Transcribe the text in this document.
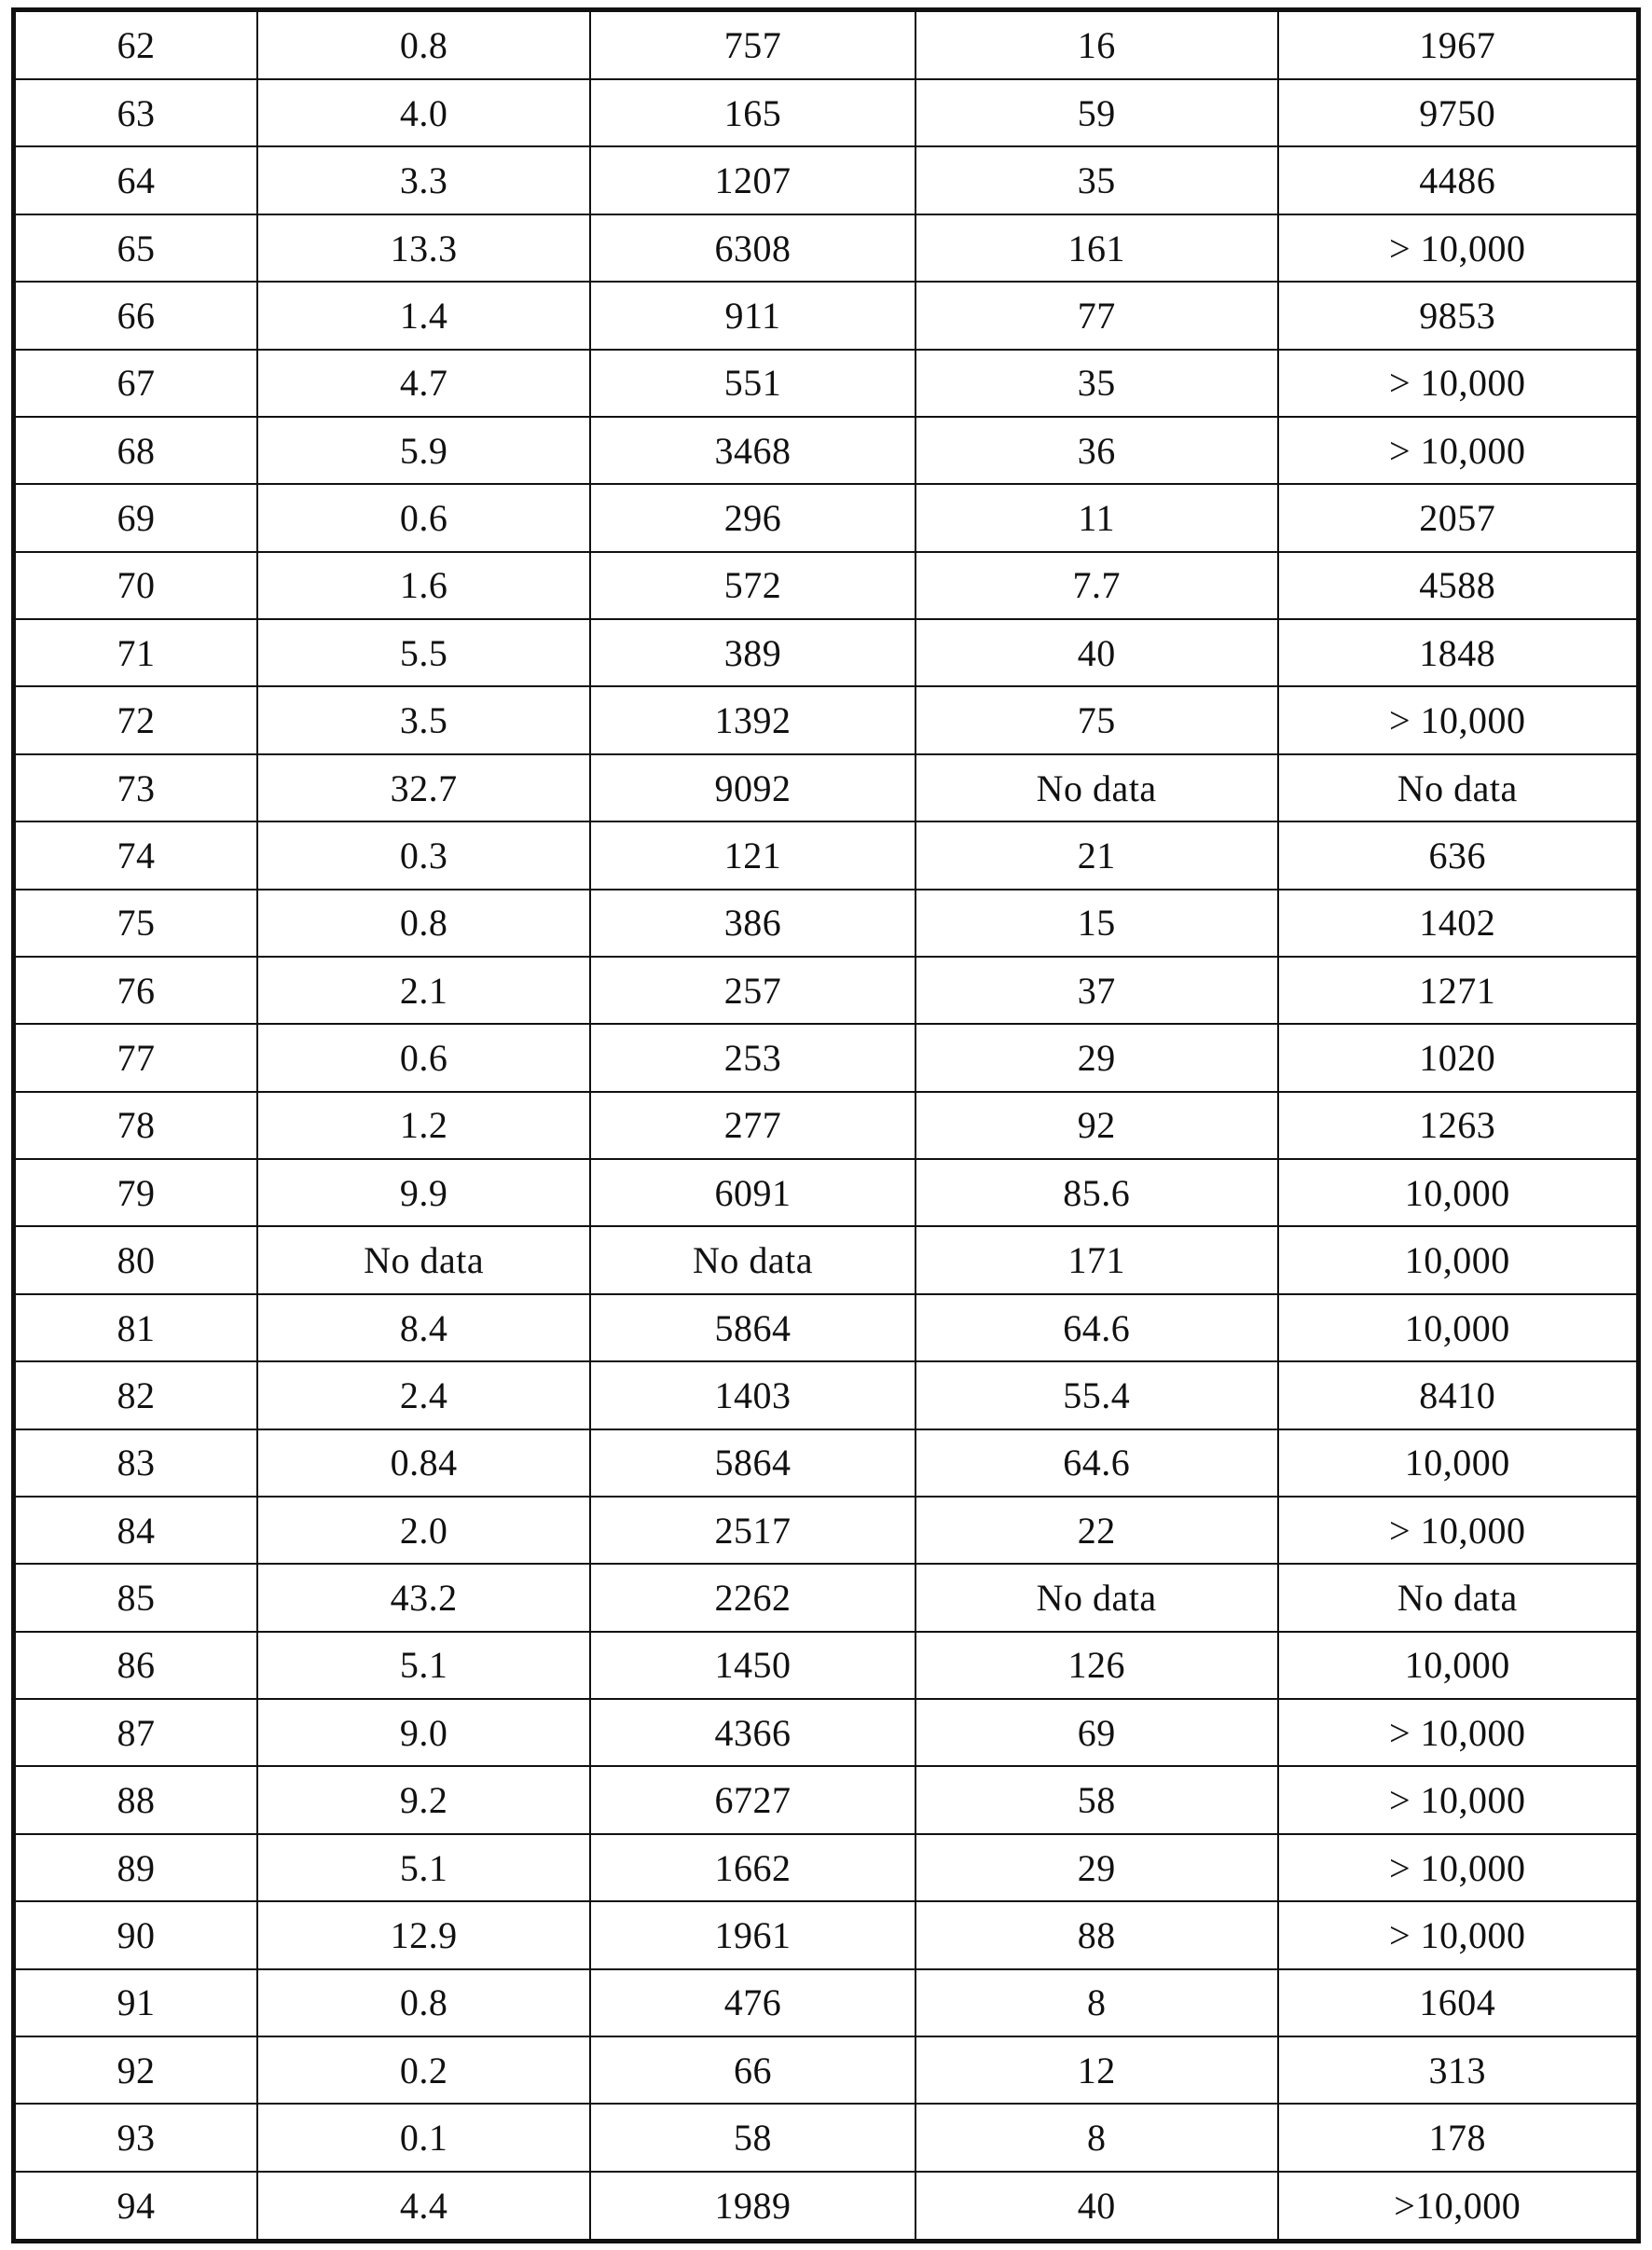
62	0.8	757	16	1967
63	4.0	165	59	9750
64	3.3	1207	35	4486
65	13.3	6308	161	> 10,000
66	1.4	911	77	9853
67	4.7	551	35	> 10,000
68	5.9	3468	36	> 10,000
69	0.6	296	11	2057
70	1.6	572	7.7	4588
71	5.5	389	40	1848
72	3.5	1392	75	> 10,000
73	32.7	9092	No data	No data
74	0.3	121	21	636
75	0.8	386	15	1402
76	2.1	257	37	1271
77	0.6	253	29	1020
78	1.2	277	92	1263
79	9.9	6091	85.6	10,000
80	No data	No data	171	10,000
81	8.4	5864	64.6	10,000
82	2.4	1403	55.4	8410
83	0.84	5864	64.6	10,000
84	2.0	2517	22	> 10,000
85	43.2	2262	No data	No data
86	5.1	1450	126	10,000
87	9.0	4366	69	> 10,000
88	9.2	6727	58	> 10,000
89	5.1	1662	29	> 10,000
90	12.9	1961	88	> 10,000
91	0.8	476	8	1604
92	0.2	66	12	313
93	0.1	58	8	178
94	4.4	1989	40	>10,000
